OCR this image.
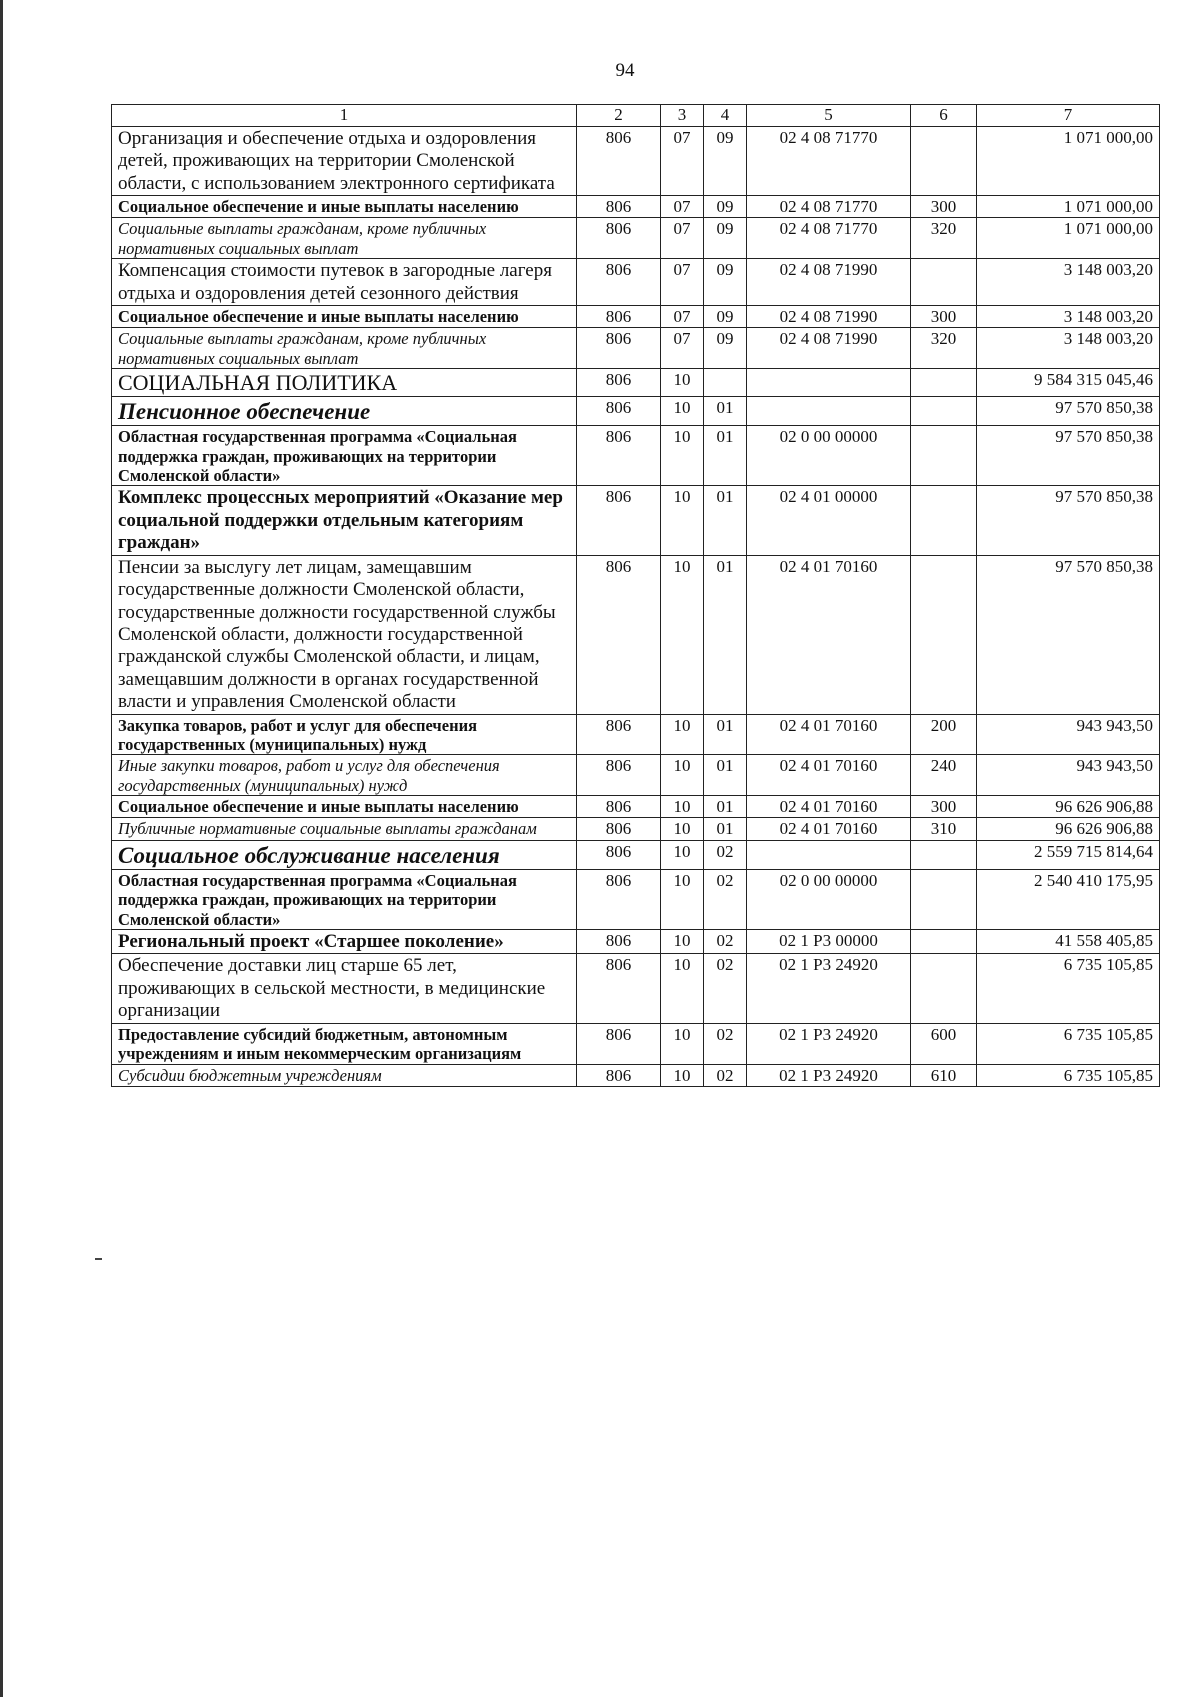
94
1	2	3	4	5	6	7
Организация и обеспечение отдыха и оздоровления детей, проживающих на территории Смоленской области, с использованием электронного сертификата	806	07	09	02 4 08 71770		1 071 000,00
Социальное обеспечение и иные выплаты населению	806	07	09	02 4 08 71770	300	1 071 000,00
Социальные выплаты гражданам, кроме публичных нормативных социальных выплат	806	07	09	02 4 08 71770	320	1 071 000,00
Компенсация стоимости путевок в загородные лагеря отдыха и оздоровления детей сезонного действия	806	07	09	02 4 08 71990		3 148 003,20
Социальное обеспечение и иные выплаты населению	806	07	09	02 4 08 71990	300	3 148 003,20
Социальные выплаты гражданам, кроме публичных нормативных социальных выплат	806	07	09	02 4 08 71990	320	3 148 003,20
СОЦИАЛЬНАЯ ПОЛИТИКА	806	10				9 584 315 045,46
Пенсионное обеспечение	806	10	01			97 570 850,38
Областная государственная программа «Социальная поддержка граждан, проживающих на территории Смоленской области»	806	10	01	02 0 00 00000		97 570 850,38
Комплекс процессных мероприятий «Оказание мер социальной поддержки отдельным категориям граждан»	806	10	01	02 4 01 00000		97 570 850,38
Пенсии за выслугу лет лицам, замещавшим государственные должности Смоленской области, государственные должности государственной службы Смоленской области, должности государственной гражданской службы Смоленской области, и лицам, замещавшим должности в органах государственной власти и управления Смоленской области	806	10	01	02 4 01 70160		97 570 850,38
Закупка товаров, работ и услуг для обеспечения государственных (муниципальных) нужд	806	10	01	02 4 01 70160	200	943 943,50
Иные закупки товаров, работ и услуг для обеспечения государственных (муниципальных) нужд	806	10	01	02 4 01 70160	240	943 943,50
Социальное обеспечение и иные выплаты населению	806	10	01	02 4 01 70160	300	96 626 906,88
Публичные нормативные социальные выплаты гражданам	806	10	01	02 4 01 70160	310	96 626 906,88
Социальное обслуживание населения	806	10	02			2 559 715 814,64
Областная государственная программа «Социальная поддержка граждан, проживающих на территории Смоленской области»	806	10	02	02 0 00 00000		2 540 410 175,95
Региональный проект «Старшее поколение»	806	10	02	02 1 P3 00000		41 558 405,85
Обеспечение доставки лиц старше 65 лет, проживающих в сельской местности, в медицинские организации	806	10	02	02 1 P3 24920		6 735 105,85
Предоставление субсидий бюджетным, автономным учреждениям и иным некоммерческим организациям	806	10	02	02 1 P3 24920	600	6 735 105,85
Субсидии бюджетным учреждениям	806	10	02	02 1 P3 24920	610	6 735 105,85
